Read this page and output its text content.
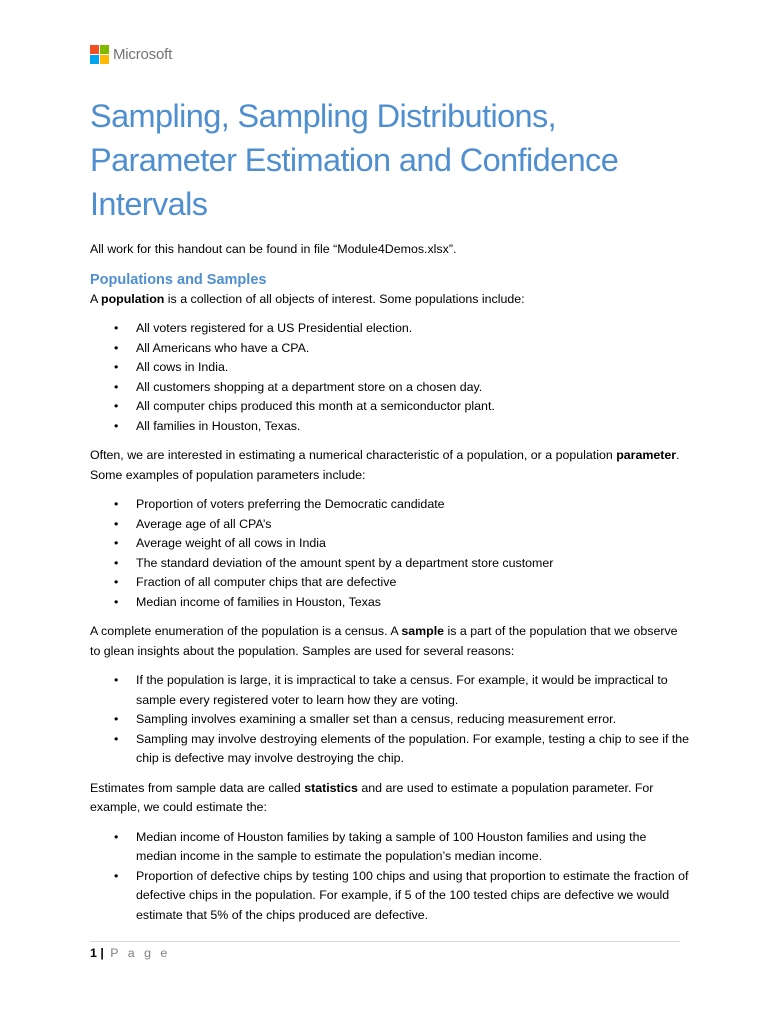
Microsoft
Sampling, Sampling Distributions, Parameter Estimation and Confidence Intervals

All work for this handout can be found in file “Module4Demos.xlsx”.

Populations and Samples

A population is a collection of all objects of interest. Some populations include:

• All voters registered for a US Presidential election.
• All Americans who have a CPA.
• All cows in India.
• All customers shopping at a department store on a chosen day.
• All computer chips produced this month at a semiconductor plant.
• All families in Houston, Texas.

Often, we are interested in estimating a numerical characteristic of a population, or a population parameter. Some examples of population parameters include:

• Proportion of voters preferring the Democratic candidate
• Average age of all CPA’s
• Average weight of all cows in India
• The standard deviation of the amount spent by a department store customer
• Fraction of all computer chips that are defective
• Median income of families in Houston, Texas

A complete enumeration of the population is a census. A sample is a part of the population that we observe to glean insights about the population. Samples are used for several reasons:

• If the population is large, it is impractical to take a census. For example, it would be impractical to sample every registered voter to learn how they are voting.
• Sampling involves examining a smaller set than a census, reducing measurement error.
• Sampling may involve destroying elements of the population. For example, testing a chip to see if the chip is defective may involve destroying the chip.

Estimates from sample data are called statistics and are used to estimate a population parameter. For example, we could estimate the:

• Median income of Houston families by taking a sample of 100 Houston families and using the median income in the sample to estimate the population’s median income.
• Proportion of defective chips by testing 100 chips and using that proportion to estimate the fraction of defective chips in the population. For example, if 5 of the 100 tested chips are defective we would estimate that 5% of the chips produced are defective.
1 | P a g e
